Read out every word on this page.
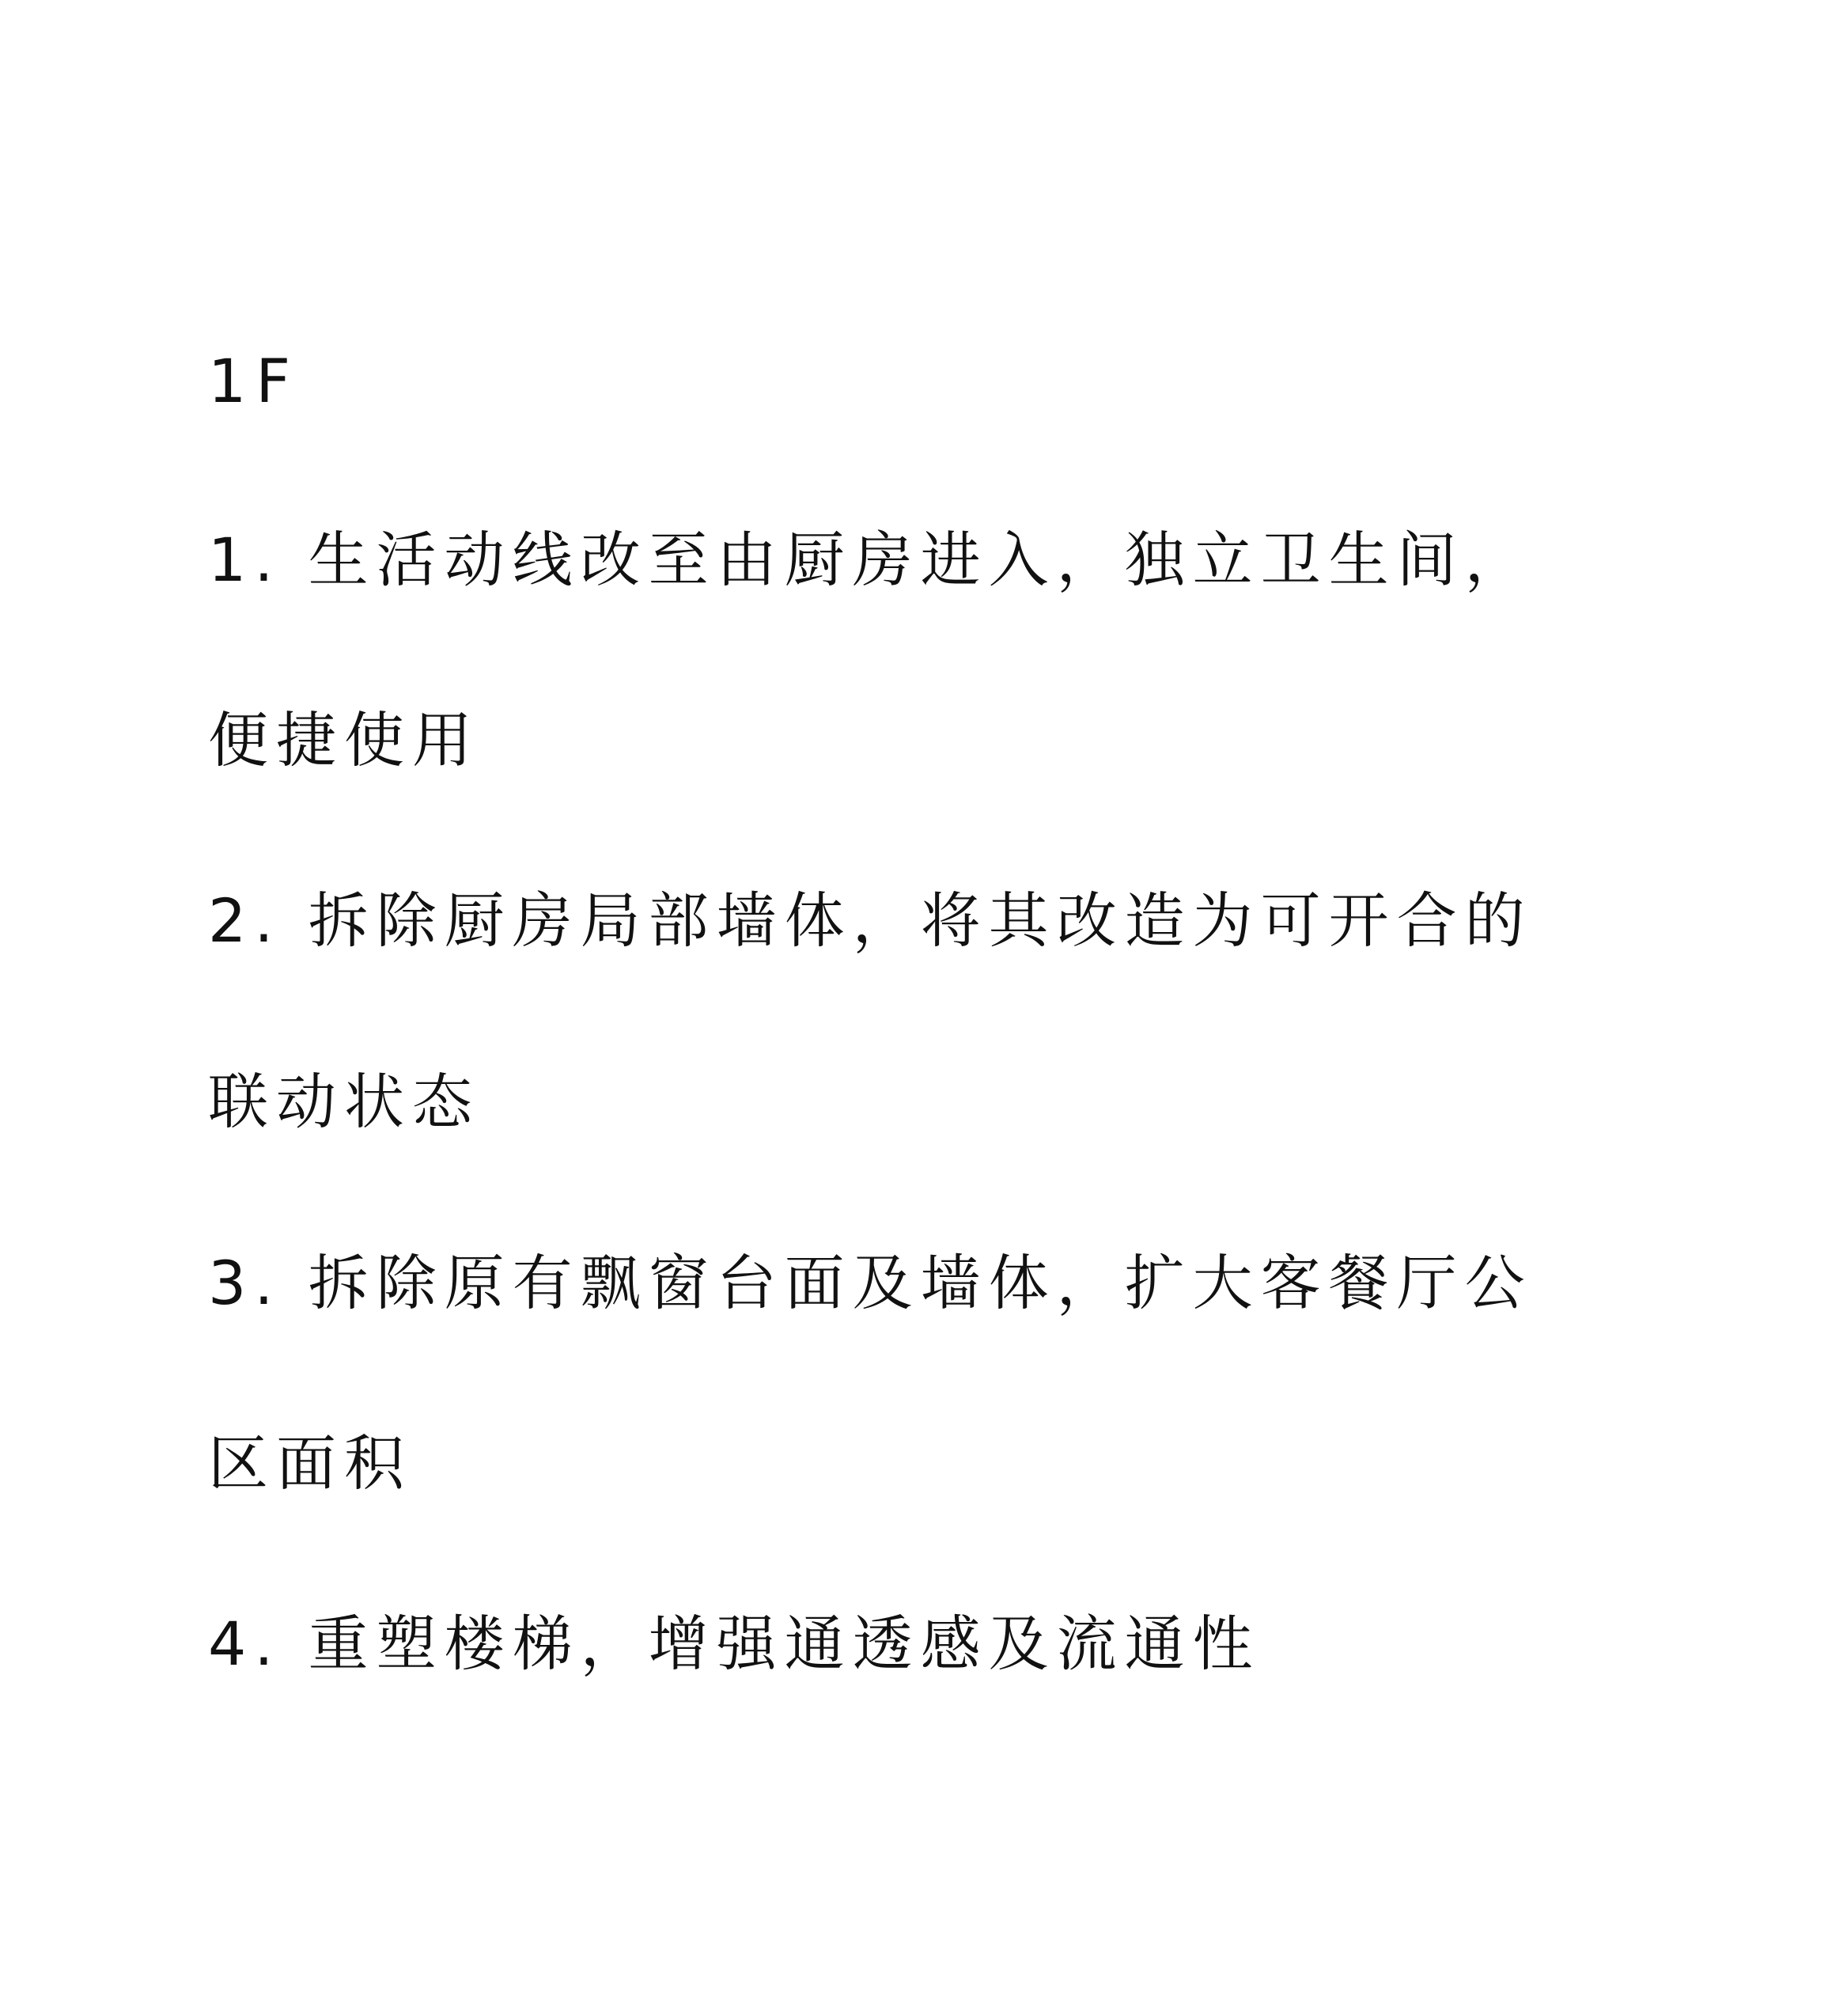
1F

1. 生活动线改至由厨房进入，独立卫生间，

便捷使用

2. 拆除厨房局部墙体，将其改造为可开合的

联动状态

3. 拆除原有飘窗台面及墙体，扩大客餐厅公

区面积

4. 重塑楼梯，增强通透感及流通性
